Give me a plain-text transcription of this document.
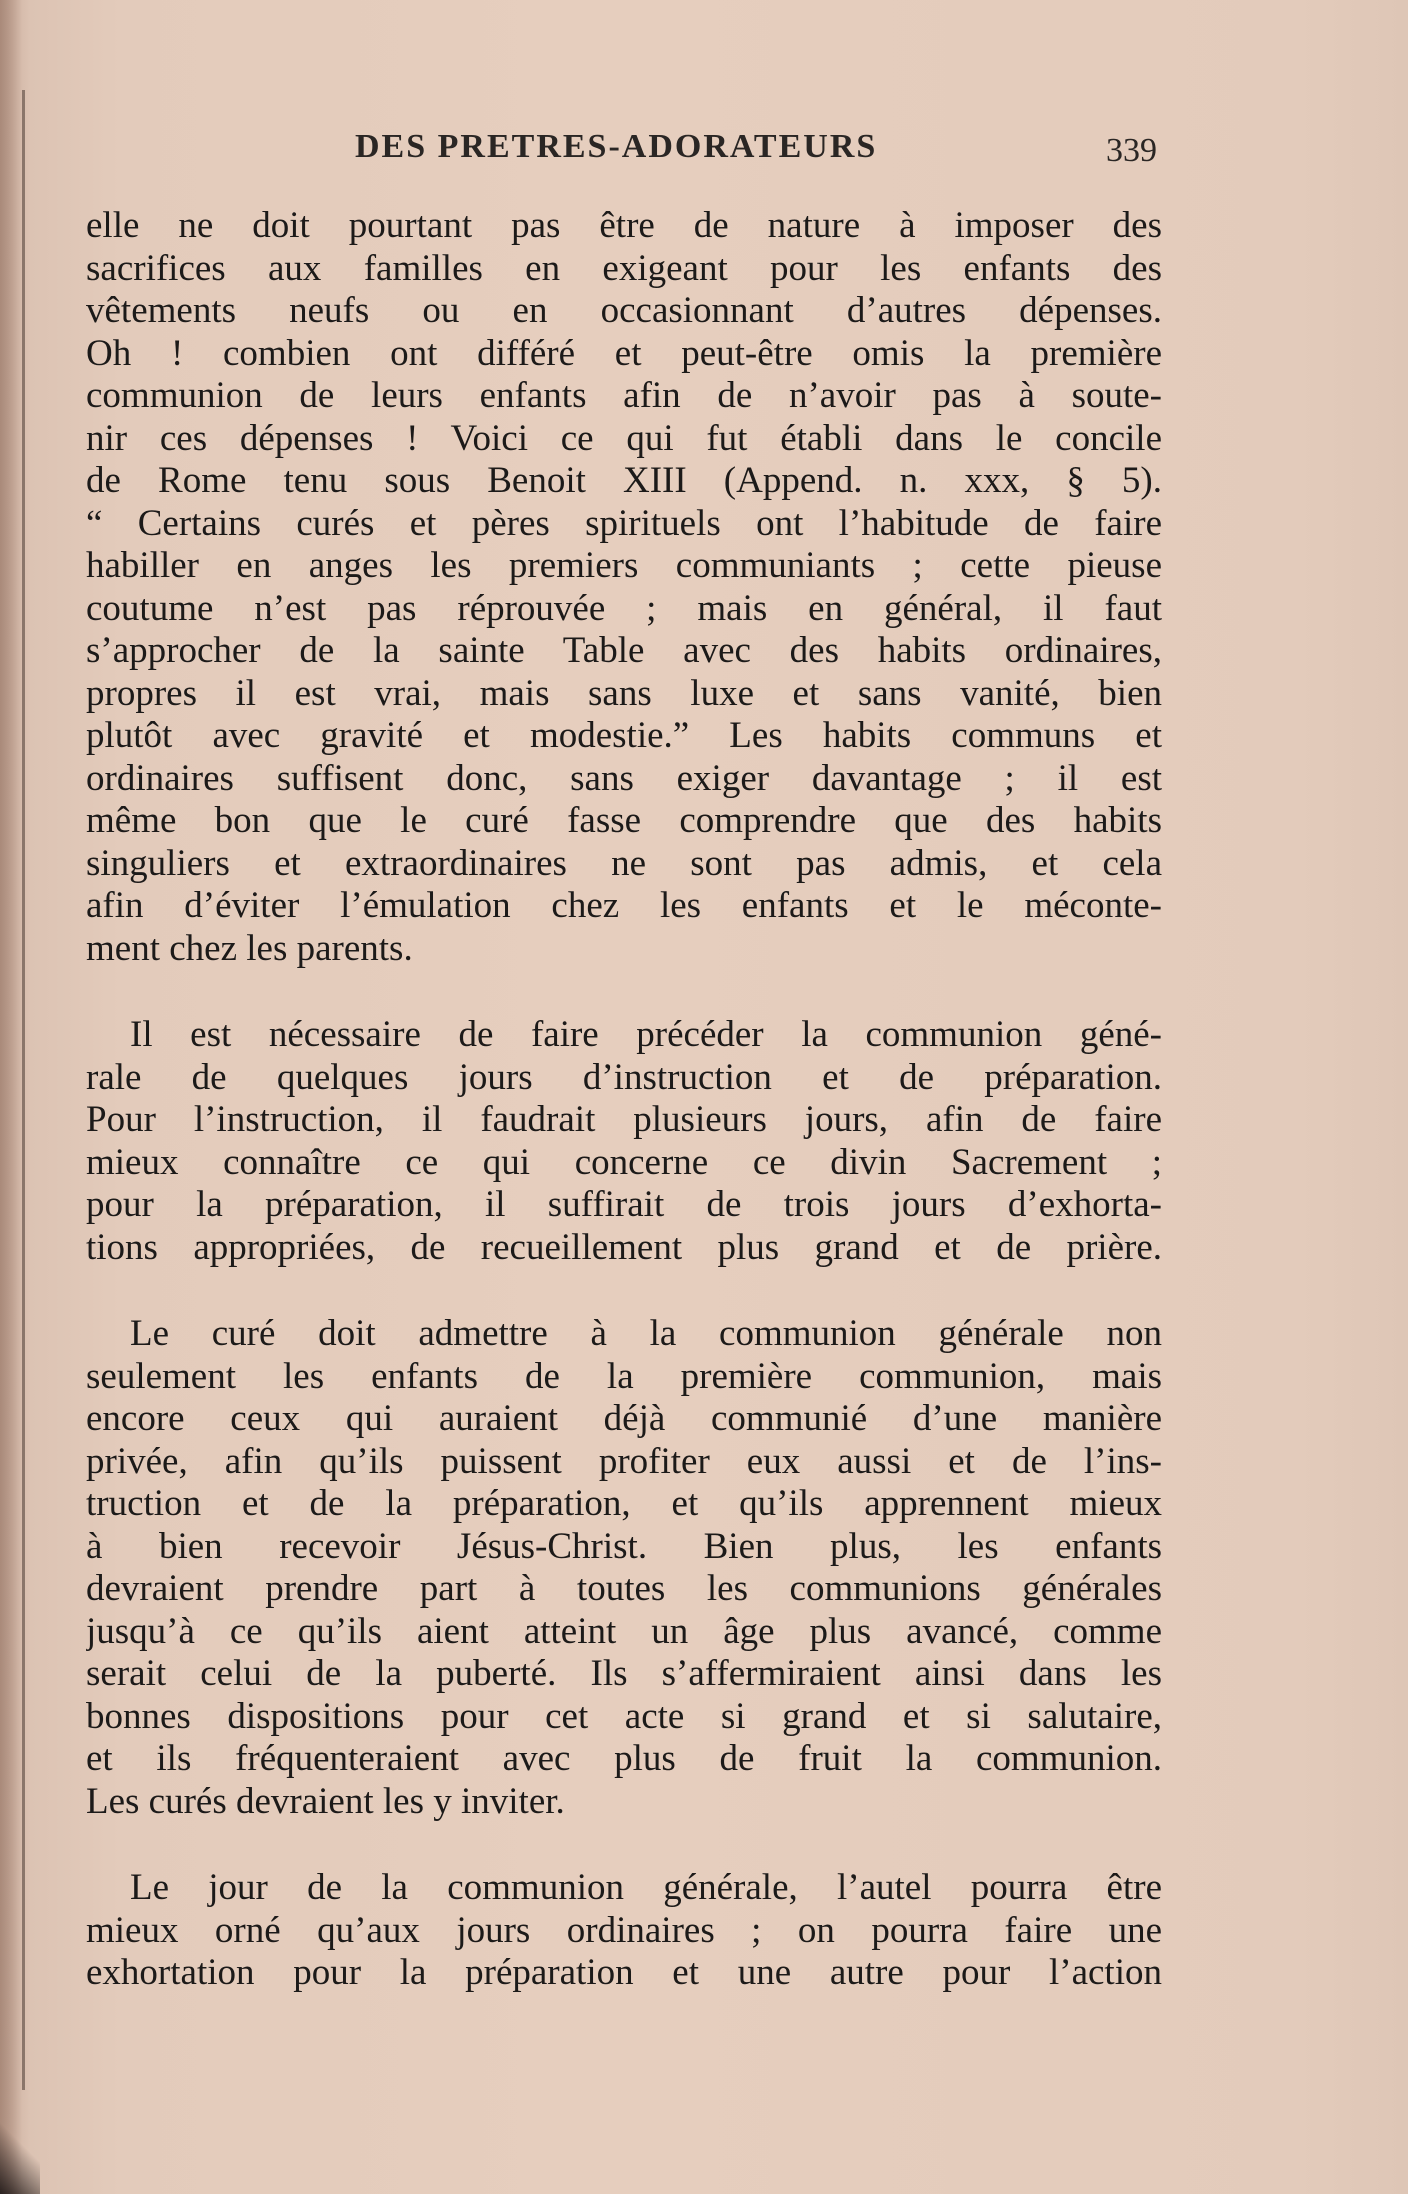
DES PRETRES-ADORATEURS	339
elle ne doit pourtant pas être de nature à imposer des
sacrifices aux familles en exigeant pour les enfants des
vêtements neufs ou en occasionnant d’autres dépenses.
Oh ! combien ont différé et peut-être omis la première
communion de leurs enfants afin de n’avoir pas à soute-
nir ces dépenses ! Voici ce qui fut établi dans le concile
de Rome tenu sous Benoit XIII (Append. n. xxx, § 5).
“ Certains curés et pères spirituels ont l’habitude de faire
habiller en anges les premiers communiants ; cette pieuse
coutume n’est pas réprouvée ; mais en général, il faut
s’approcher de la sainte Table avec des habits ordinaires,
propres il est vrai, mais sans luxe et sans vanité, bien
plutôt avec gravité et modestie.” Les habits communs et
ordinaires suffisent donc, sans exiger davantage ; il est
même bon que le curé fasse comprendre que des habits
singuliers et extraordinaires ne sont pas admis, et cela
afin d’éviter l’émulation chez les enfants et le méconte-
ment chez les parents.
Il est nécessaire de faire précéder la communion géné-
rale de quelques jours d’instruction et de préparation.
Pour l’instruction, il faudrait plusieurs jours, afin de faire
mieux connaître ce qui concerne ce divin Sacrement ;
pour la préparation, il suffirait de trois jours d’exhorta-
tions appropriées, de recueillement plus grand et de prière.
Le curé doit admettre à la communion générale non
seulement les enfants de la première communion, mais
encore ceux qui auraient déjà communié d’une manière
privée, afin qu’ils puissent profiter eux aussi et de l’ins-
truction et de la préparation, et qu’ils apprennent mieux
à bien recevoir Jésus-Christ. Bien plus, les enfants
devraient prendre part à toutes les communions générales
jusqu’à ce qu’ils aient atteint un âge plus avancé, comme
serait celui de la puberté. Ils s’affermiraient ainsi dans les
bonnes dispositions pour cet acte si grand et si salutaire,
et ils fréquenteraient avec plus de fruit la communion.
Les curés devraient les y inviter.
Le jour de la communion générale, l’autel pourra être
mieux orné qu’aux jours ordinaires ; on pourra faire une
exhortation pour la préparation et une autre pour l’action
